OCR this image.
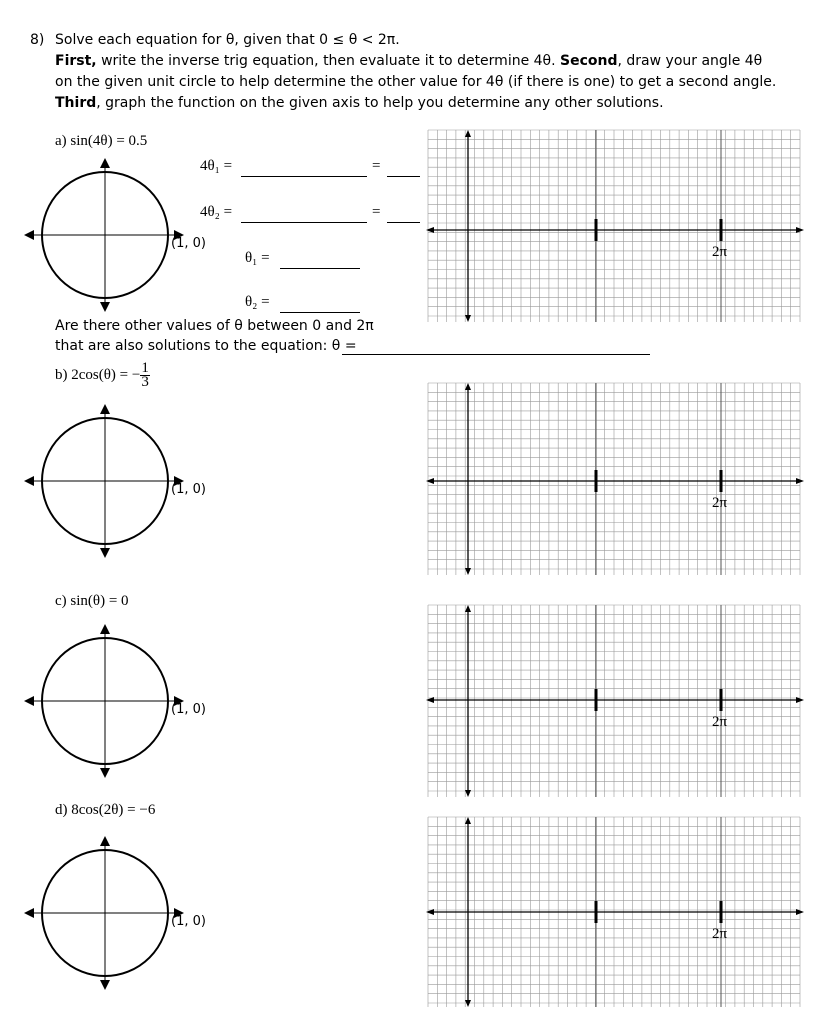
8) Solve each equation for θ, given that 0 ≤ θ < 2π.
First, write the inverse trig equation, then evaluate it to determine 4θ. Second, draw your angle 4θ
on the given unit circle to help determine the other value for 4θ (if there is one) to get a second angle.
Third, graph the function on the given axis to help you determine any other solutions.
a) sin(4θ) = 0.5
b) 2cos(θ) = − $\frac{1}{3}$
c) sin(θ) = 0
d) 8cos(2θ) = −6
4θ₁ =	=
4θ₂ =	=
θ₁ =
θ₂ =
Are there other values of θ between 0 and 2π
that are also solutions to the equation: θ =
(1, 0)
(1, 0)
(1, 0)
(1, 0)
2π
2π
2π
2π
